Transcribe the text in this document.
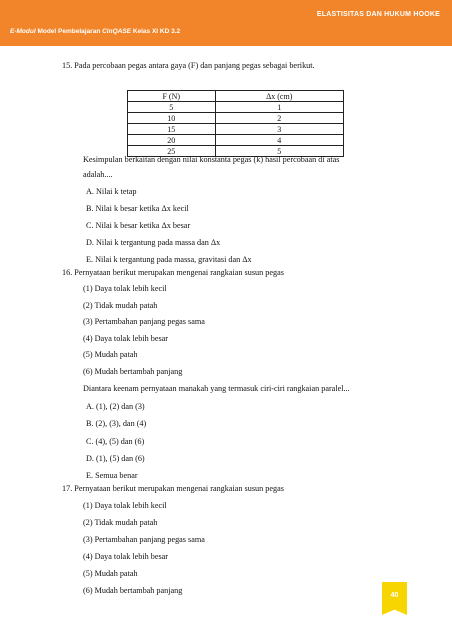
ELASTISITAS DAN HUKUM HOOKE
E-Modul Model Pembelajaran CinQASE Kelas XI KD 3.2
15. Pada percobaan pegas antara gaya (F) dan panjang pegas sebagai berikut.
F (N)	Δx (cm)
5	1
10	2
15	3
20	4
25	5
Kesimpulan berkaitan dengan nilai konstanta pegas (k) hasil percobaan di atas
adalah....
A. Nilai k tetap
B. Nilai k besar ketika Δx kecil
C. Nilai k besar ketika Δx besar
D. Nilai k tergantung pada massa dan Δx
E. Nilai k tergantung pada massa, gravitasi dan Δx
16. Pernyataan berikut merupakan mengenai rangkaian susun pegas
(1) Daya tolak lebih kecil
(2) Tidak mudah patah
(3) Pertambahan panjang pegas sama
(4) Daya tolak lebih besar
(5) Mudah patah
(6) Mudah bertambah panjang
Diantara keenam pernyataan manakah yang termasuk ciri-ciri rangkaian paralel...
A. (1), (2) dan (3)
B. (2), (3), dan (4)
C. (4), (5) dan (6)
D. (1), (5) dan (6)
E. Semua benar
17. Pernyataan berikut merupakan mengenai rangkaian susun pegas
(1) Daya tolak lebih kecil
(2) Tidak mudah patah
(3) Pertambahan panjang pegas sama
(4) Daya tolak lebih besar
(5) Mudah patah
(6) Mudah bertambah panjang
40
